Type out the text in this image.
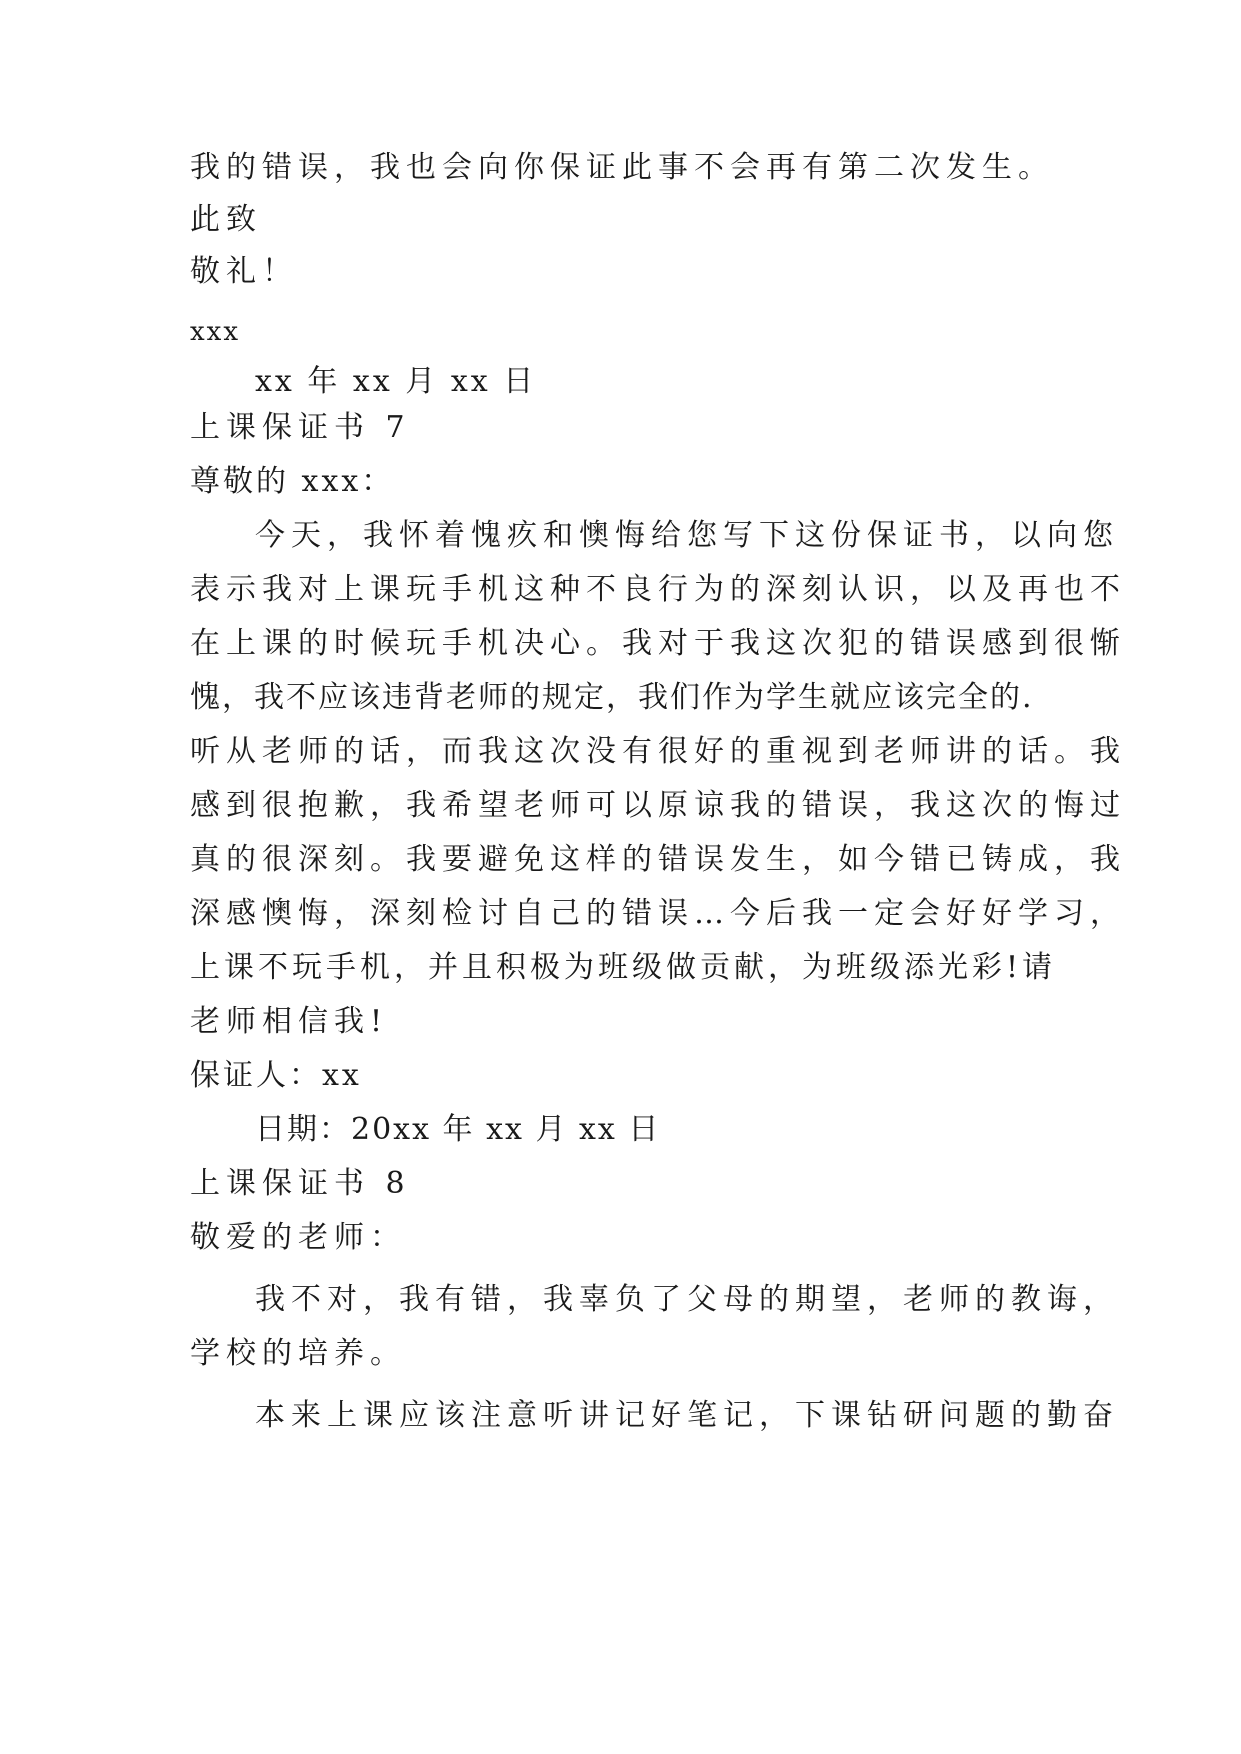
我的错误，我也会向你保证此事不会再有第二次发生。
此致
敬礼！
xxx
xx 年 xx 月 xx 日
上课保证书 7
尊敬的 xxx：
今天，我怀着愧疚和懊悔给您写下这份保证书，以向您
表示我对上课玩手机这种不良行为的深刻认识，以及再也不
在上课的时候玩手机决心。我对于我这次犯的错误感到很惭
愧，我不应该违背老师的规定，我们作为学生就应该完全的.
听从老师的话，而我这次没有很好的重视到老师讲的话。我
感到很抱歉，我希望老师可以原谅我的错误，我这次的悔过
真的很深刻。我要避免这样的错误发生，如今错已铸成，我
深感懊悔，深刻检讨自己的错误…今后我一定会好好学习，
上课不玩手机，并且积极为班级做贡献，为班级添光彩!请
老师相信我!
保证人：xx
日期：20xx 年 xx 月 xx 日
上课保证书 8
敬爱的老师：
我不对，我有错，我辜负了父母的期望，老师的教诲，
学校的培养。
本来上课应该注意听讲记好笔记，下课钻研问题的勤奋
